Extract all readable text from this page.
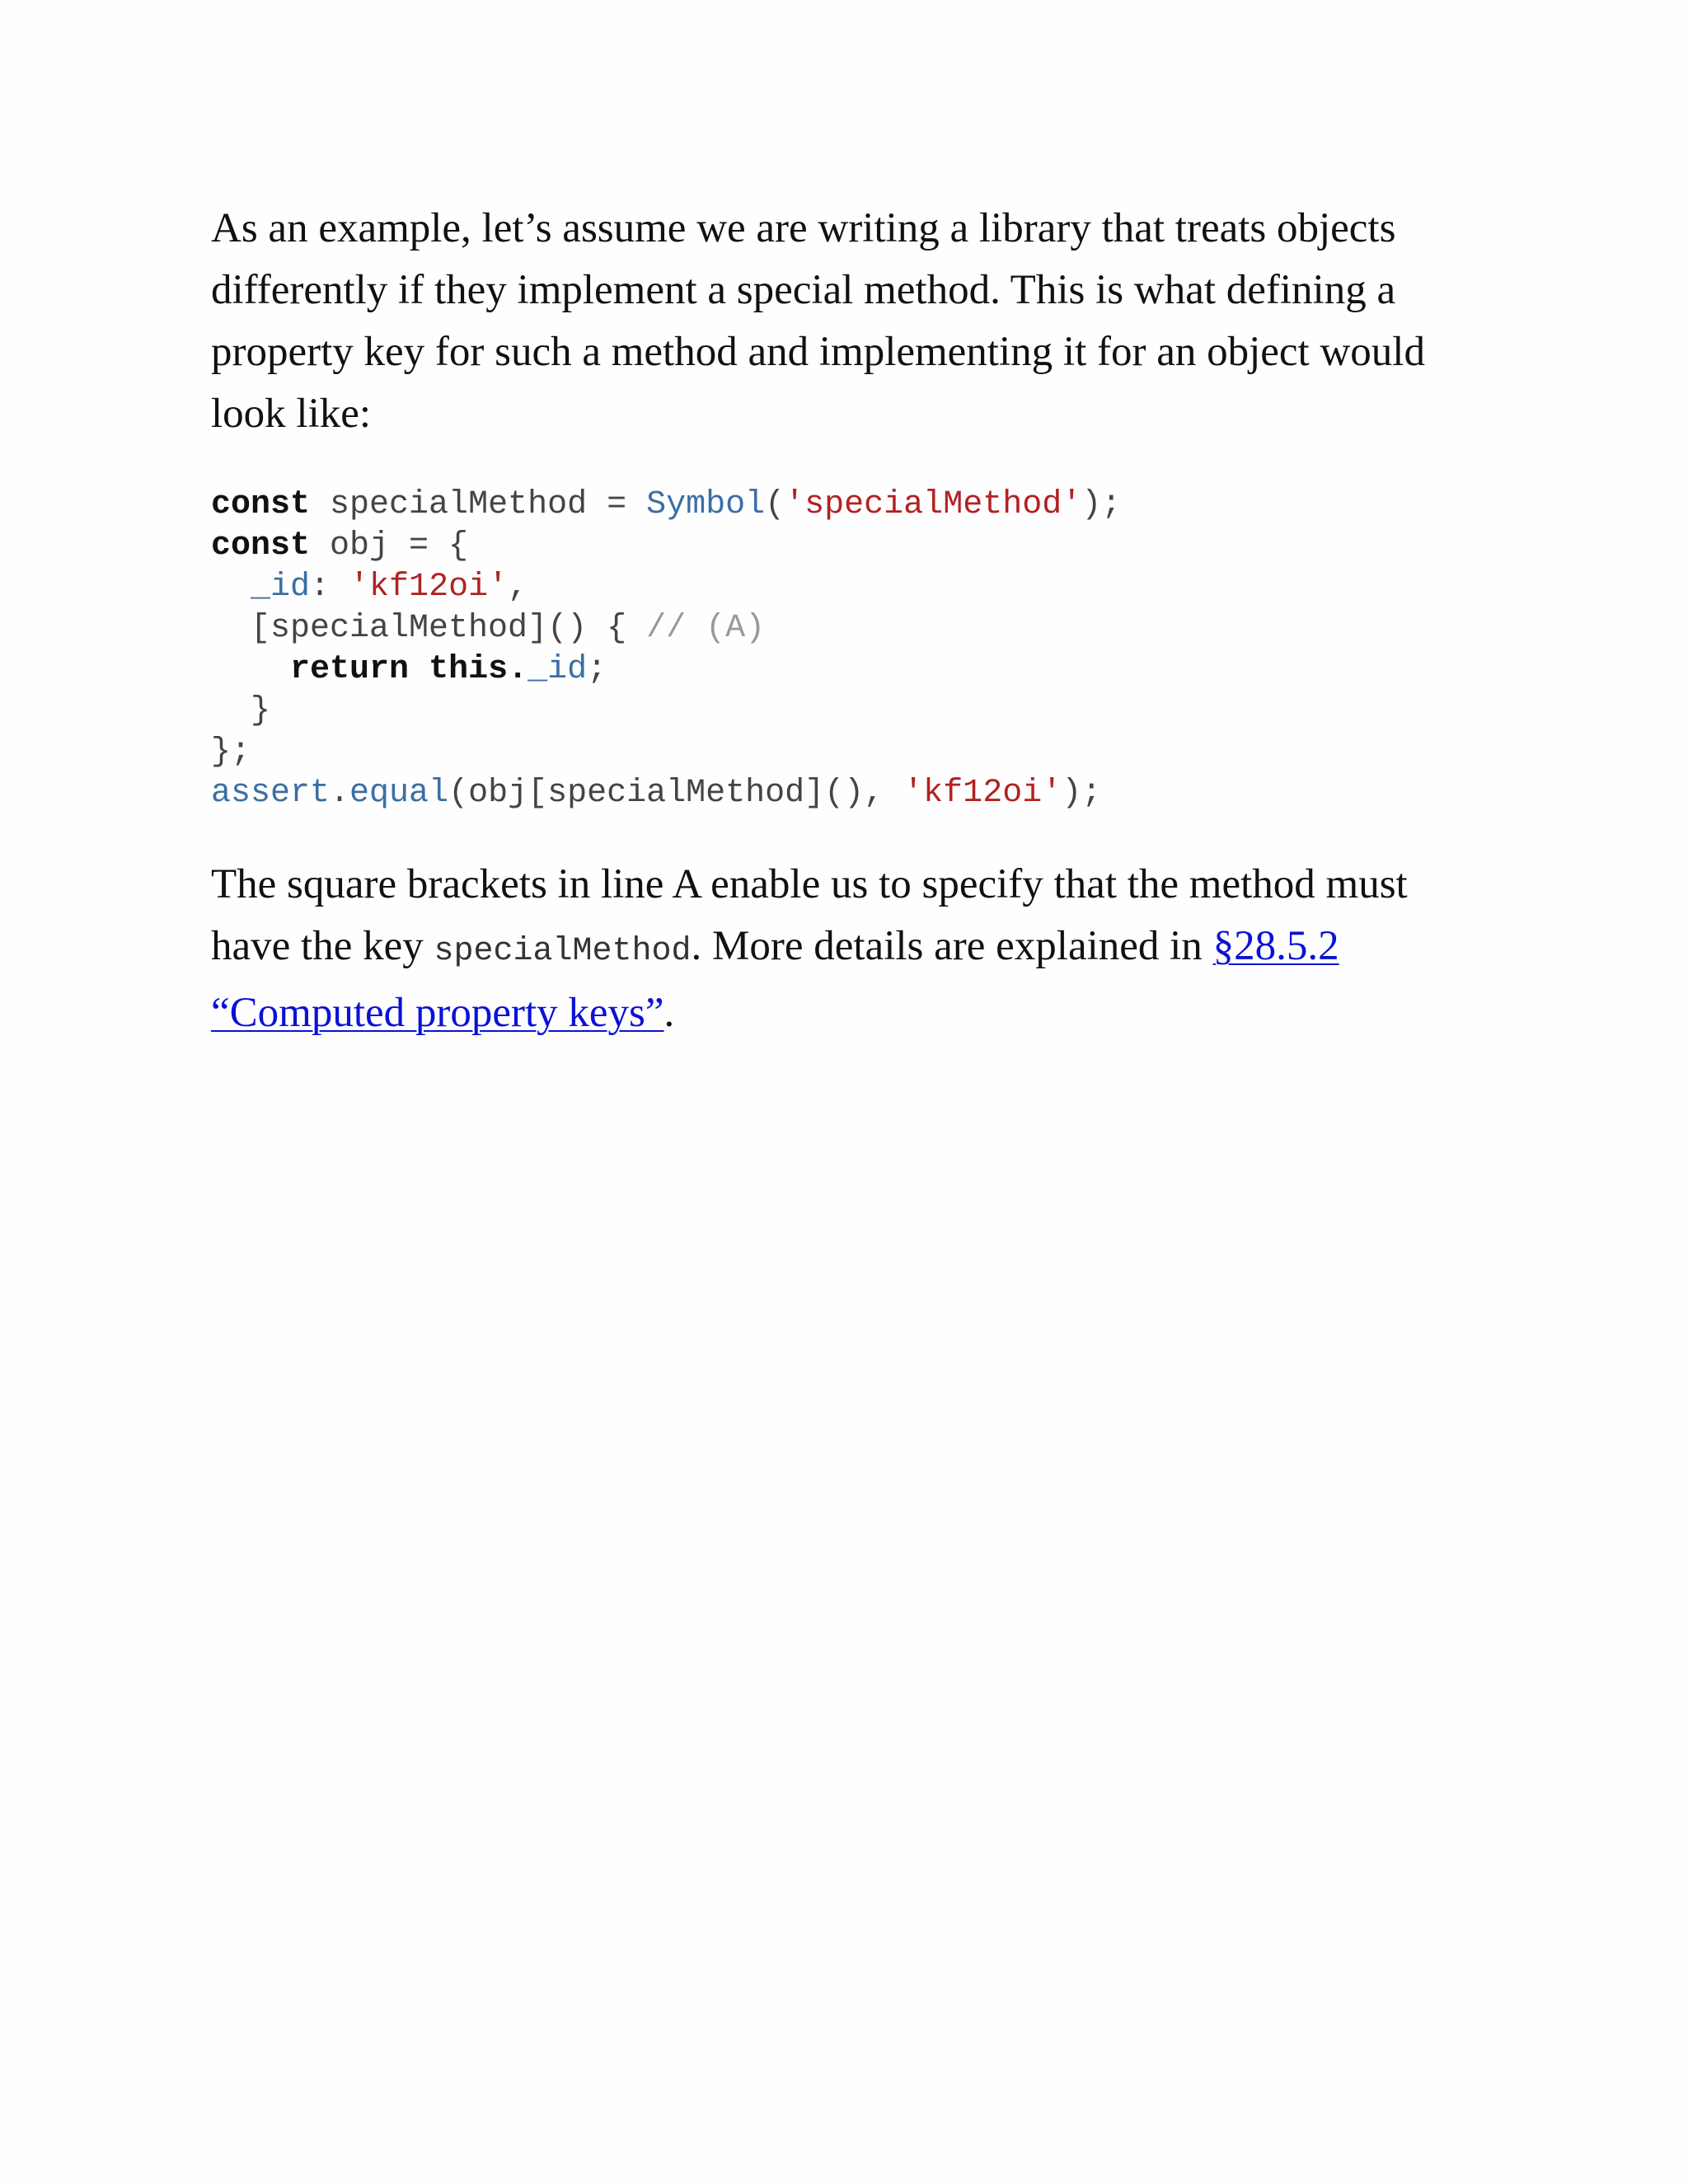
As an example, let’s assume we are writing a library that treats objects differently if they implement a special method. This is what defining a property key for such a method and implementing it for an object would look like:

const specialMethod = Symbol('specialMethod');
const obj = {
_id: 'kf12oi',
[specialMethod]() { // (A)
return this._id;
}
};
assert.equal(obj[specialMethod](), 'kf12oi');

The square brackets in line A enable us to specify that the method must have the key specialMethod. More details are explained in §28.5.2 “Computed property keys”.
